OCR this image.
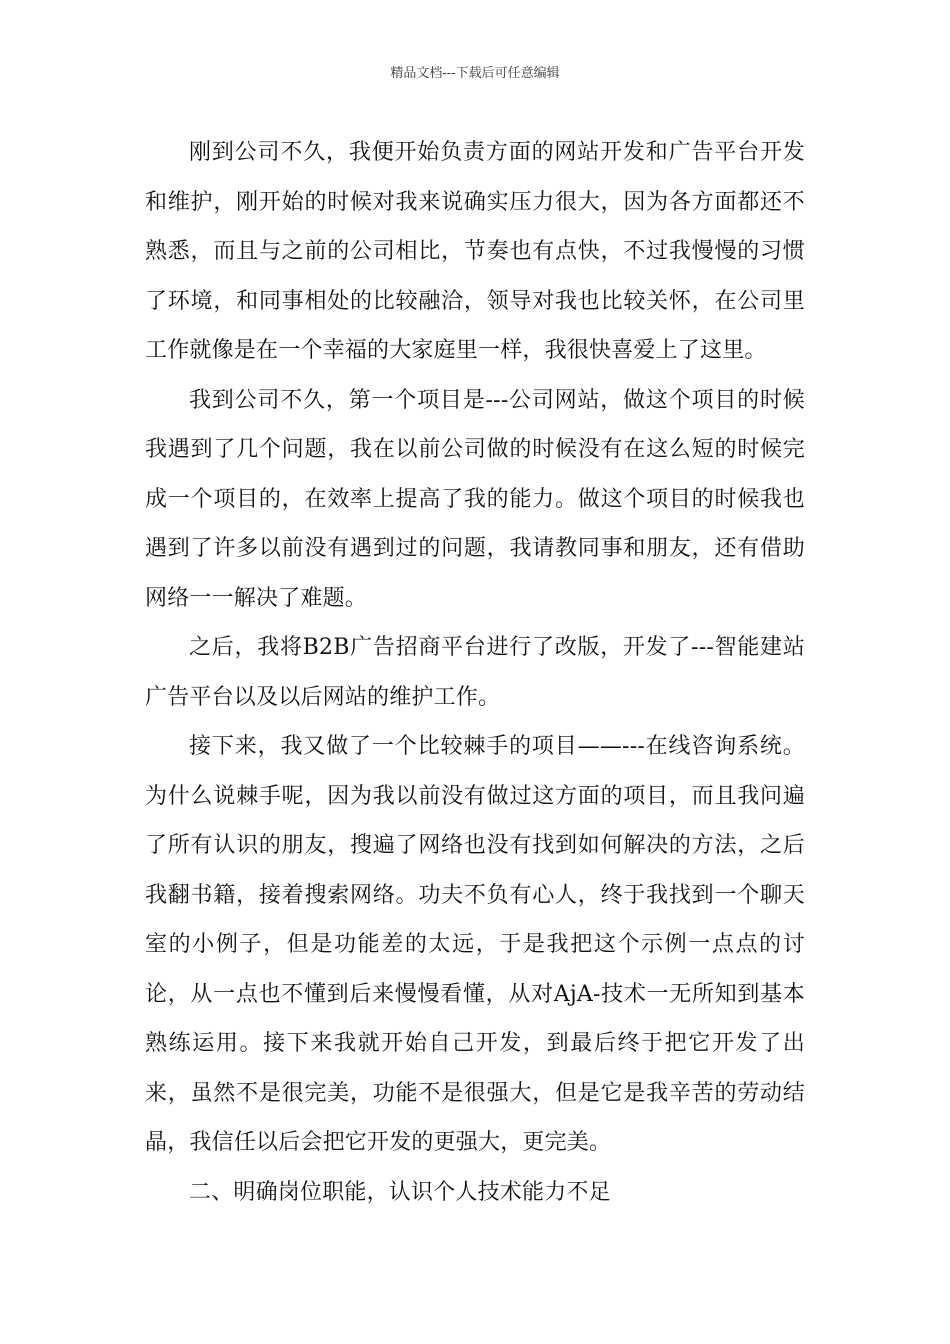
精品文档---下载后可任意编辑

刚到公司不久，我便开始负责方面的网站开发和广告平台开发和维护，刚开始的时候对我来说确实压力很大，因为各方面都还不熟悉，而且与之前的公司相比，节奏也有点快，不过我慢慢的习惯了环境，和同事相处的比较融洽，领导对我也比较关怀，在公司里工作就像是在一个幸福的大家庭里一样，我很快喜爱上了这里。

我到公司不久，第一个项目是---公司网站，做这个项目的时候我遇到了几个问题，我在以前公司做的时候没有在这么短的时候完成一个项目的，在效率上提高了我的能力。做这个项目的时候我也遇到了许多以前没有遇到过的问题，我请教同事和朋友，还有借助网络一一解决了难题。

之后，我将B2B广告招商平台进行了改版，开发了---智能建站广告平台以及以后网站的维护工作。

接下来，我又做了一个比较棘手的项目——---在线咨询系统。为什么说棘手呢，因为我以前没有做过这方面的项目，而且我问遍了所有认识的朋友，搜遍了网络也没有找到如何解决的方法，之后我翻书籍，接着搜索网络。功夫不负有心人，终于我找到一个聊天室的小例子，但是功能差的太远，于是我把这个示例一点点的讨论，从一点也不懂到后来慢慢看懂，从对AjA-技术一无所知到基本熟练运用。接下来我就开始自己开发，到最后终于把它开发了出来，虽然不是很完美，功能不是很强大，但是它是我辛苦的劳动结晶，我信任以后会把它开发的更强大，更完美。

二、明确岗位职能，认识个人技术能力不足
